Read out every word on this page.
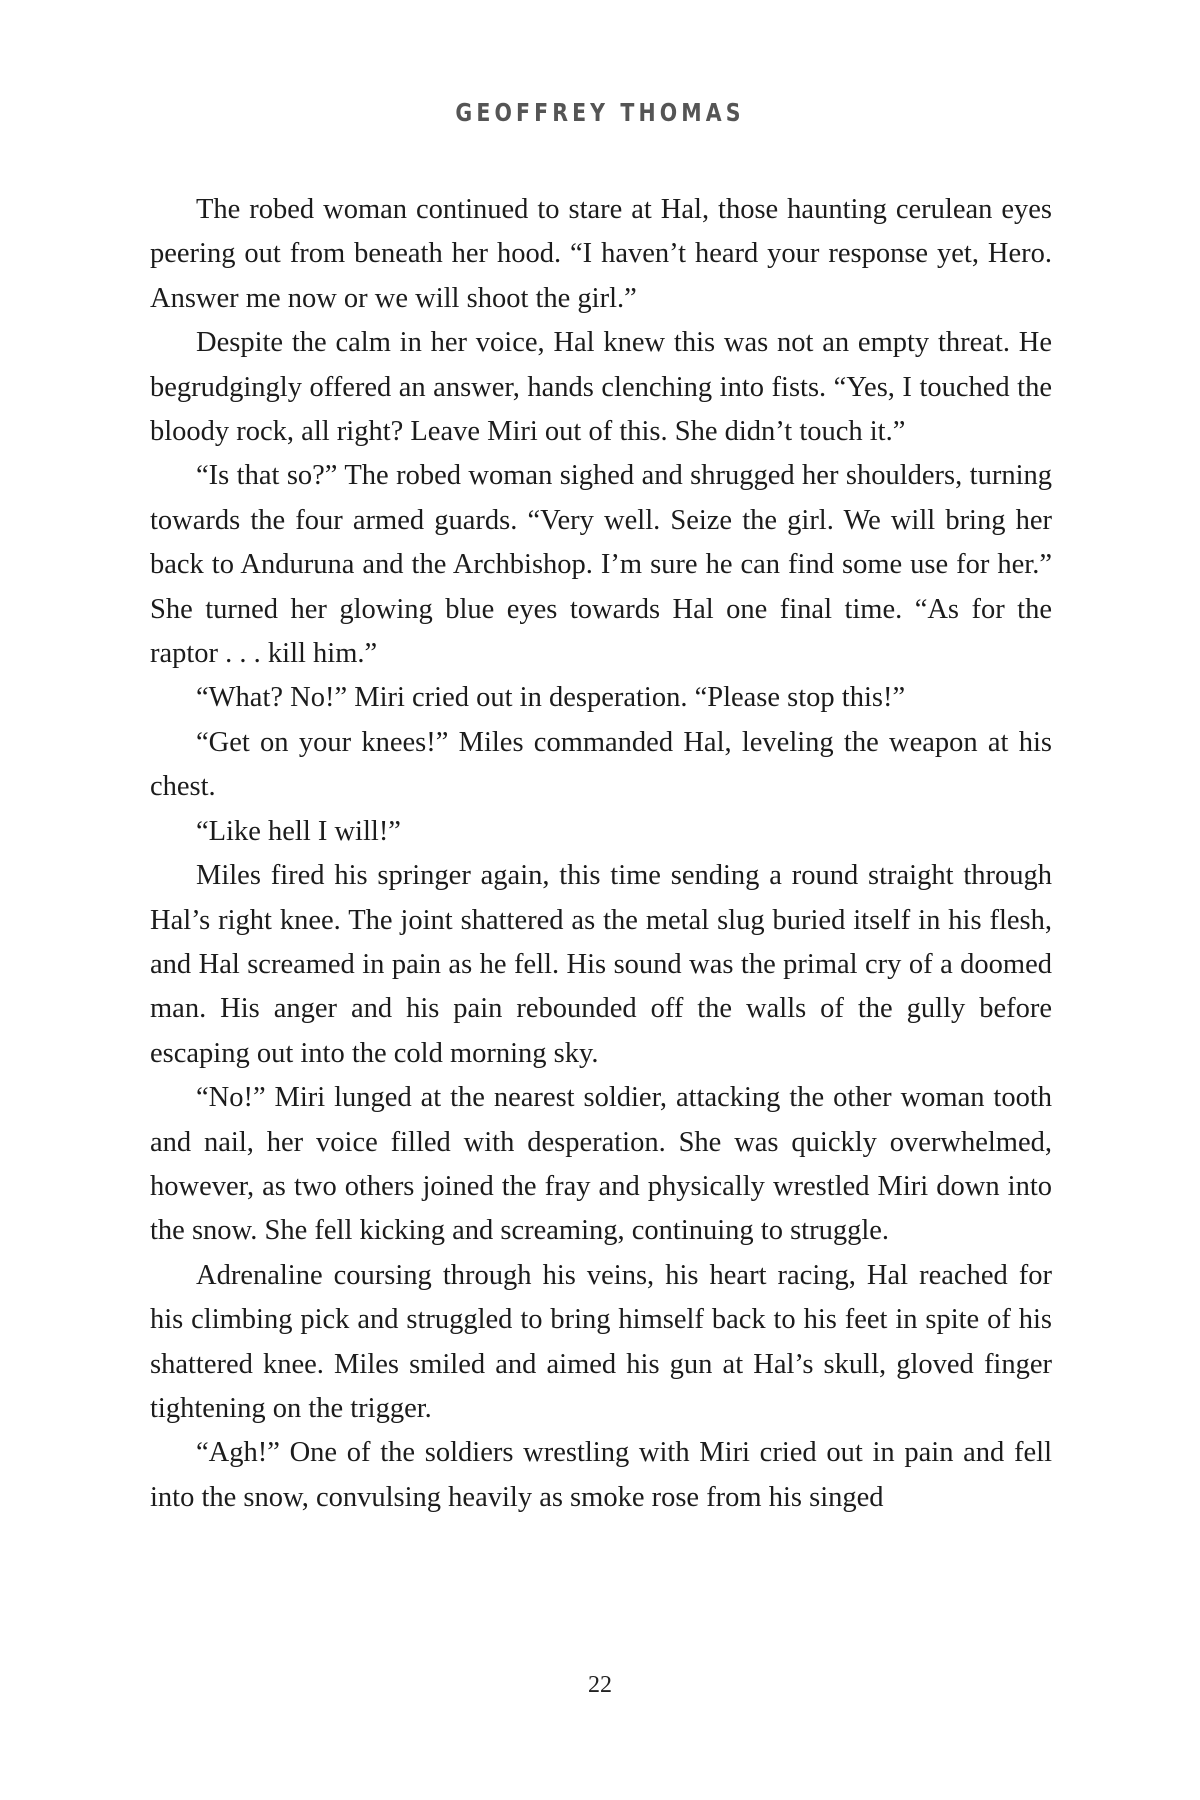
GEOFFREY THOMAS

The robed woman continued to stare at Hal, those haunting cerulean eyes peering out from beneath her hood. “I haven’t heard your response yet, Hero. Answer me now or we will shoot the girl.”

Despite the calm in her voice, Hal knew this was not an empty threat. He begrudgingly offered an answer, hands clenching into fists. “Yes, I touched the bloody rock, all right? Leave Miri out of this. She didn’t touch it.”

“Is that so?” The robed woman sighed and shrugged her shoulders, turning towards the four armed guards. “Very well. Seize the girl. We will bring her back to Anduruna and the Archbishop. I’m sure he can find some use for her.” She turned her glowing blue eyes towards Hal one final time. “As for the raptor . . . kill him.”

“What? No!” Miri cried out in desperation. “Please stop this!”

“Get on your knees!” Miles commanded Hal, leveling the weapon at his chest.

“Like hell I will!”

Miles fired his springer again, this time sending a round straight through Hal’s right knee. The joint shattered as the metal slug buried itself in his flesh, and Hal screamed in pain as he fell. His sound was the primal cry of a doomed man. His anger and his pain rebounded off the walls of the gully before escaping out into the cold morning sky.

“No!” Miri lunged at the nearest soldier, attacking the other woman tooth and nail, her voice filled with desperation. She was quickly overwhelmed, however, as two others joined the fray and physically wrestled Miri down into the snow. She fell kicking and screaming, continuing to struggle.

Adrenaline coursing through his veins, his heart racing, Hal reached for his climbing pick and struggled to bring himself back to his feet in spite of his shattered knee. Miles smiled and aimed his gun at Hal’s skull, gloved finger tightening on the trigger.

“Agh!” One of the soldiers wrestling with Miri cried out in pain and fell into the snow, convulsing heavily as smoke rose from his singed

22
